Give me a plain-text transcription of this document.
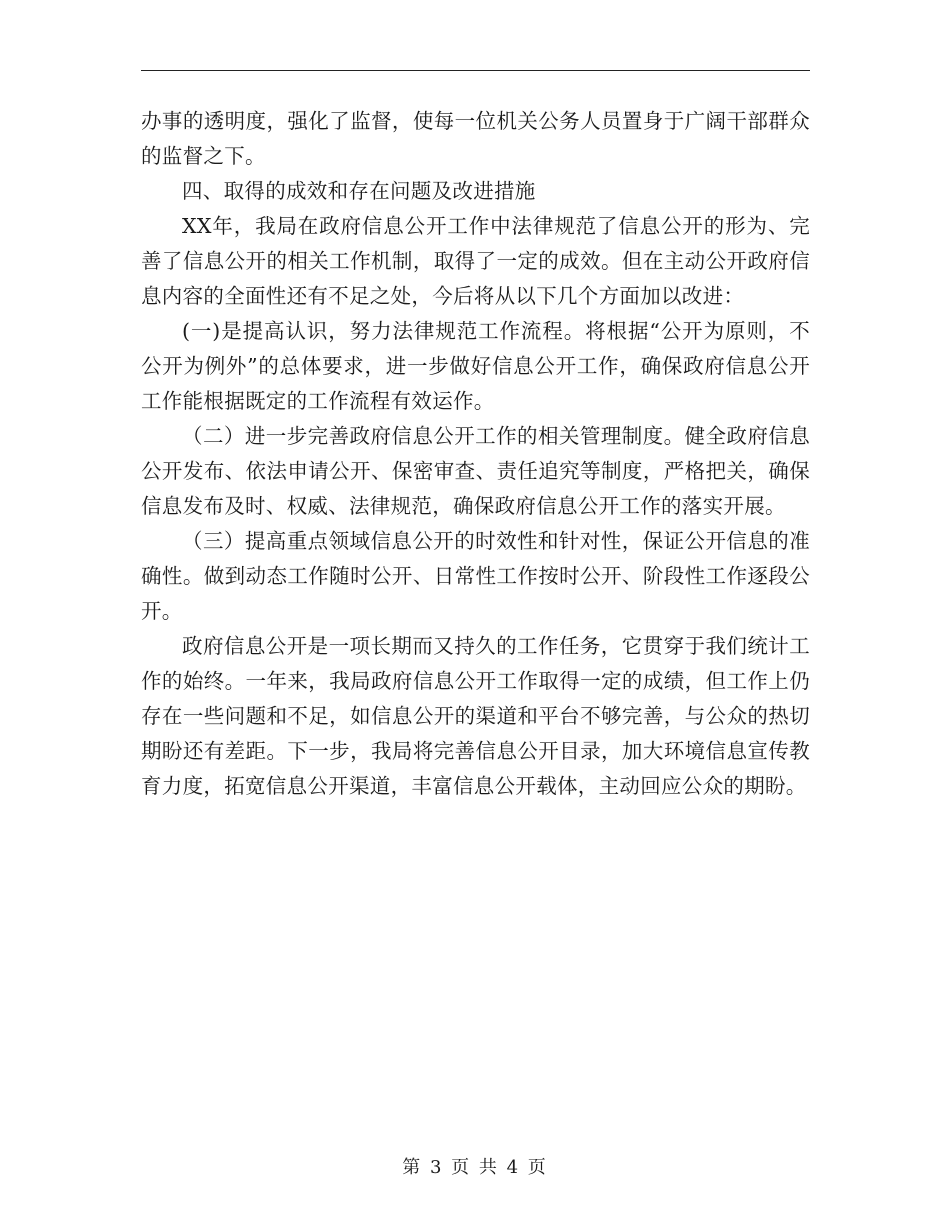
办事的透明度，强化了监督，使每一位机关公务人员置身于广阔干部群众的监督之下。

四、取得的成效和存在问题及改进措施

XX年，我局在政府信息公开工作中法律规范了信息公开的形为、完善了信息公开的相关工作机制，取得了一定的成效。但在主动公开政府信息内容的全面性还有不足之处，今后将从以下几个方面加以改进：

(一)是提高认识，努力法律规范工作流程。将根据“公开为原则，不公开为例外”的总体要求，进一步做好信息公开工作，确保政府信息公开工作能根据既定的工作流程有效运作。

（二）进一步完善政府信息公开工作的相关管理制度。健全政府信息公开发布、依法申请公开、保密审查、责任追究等制度，严格把关，确保信息发布及时、权威、法律规范，确保政府信息公开工作的落实开展。

（三）提高重点领域信息公开的时效性和针对性，保证公开信息的准确性。做到动态工作随时公开、日常性工作按时公开、阶段性工作逐段公开。

政府信息公开是一项长期而又持久的工作任务，它贯穿于我们统计工作的始终。一年来，我局政府信息公开工作取得一定的成绩，但工作上仍存在一些问题和不足，如信息公开的渠道和平台不够完善，与公众的热切期盼还有差距。下一步，我局将完善信息公开目录，加大环境信息宣传教育力度，拓宽信息公开渠道，丰富信息公开载体，主动回应公众的期盼。

第 3 页 共 4 页
